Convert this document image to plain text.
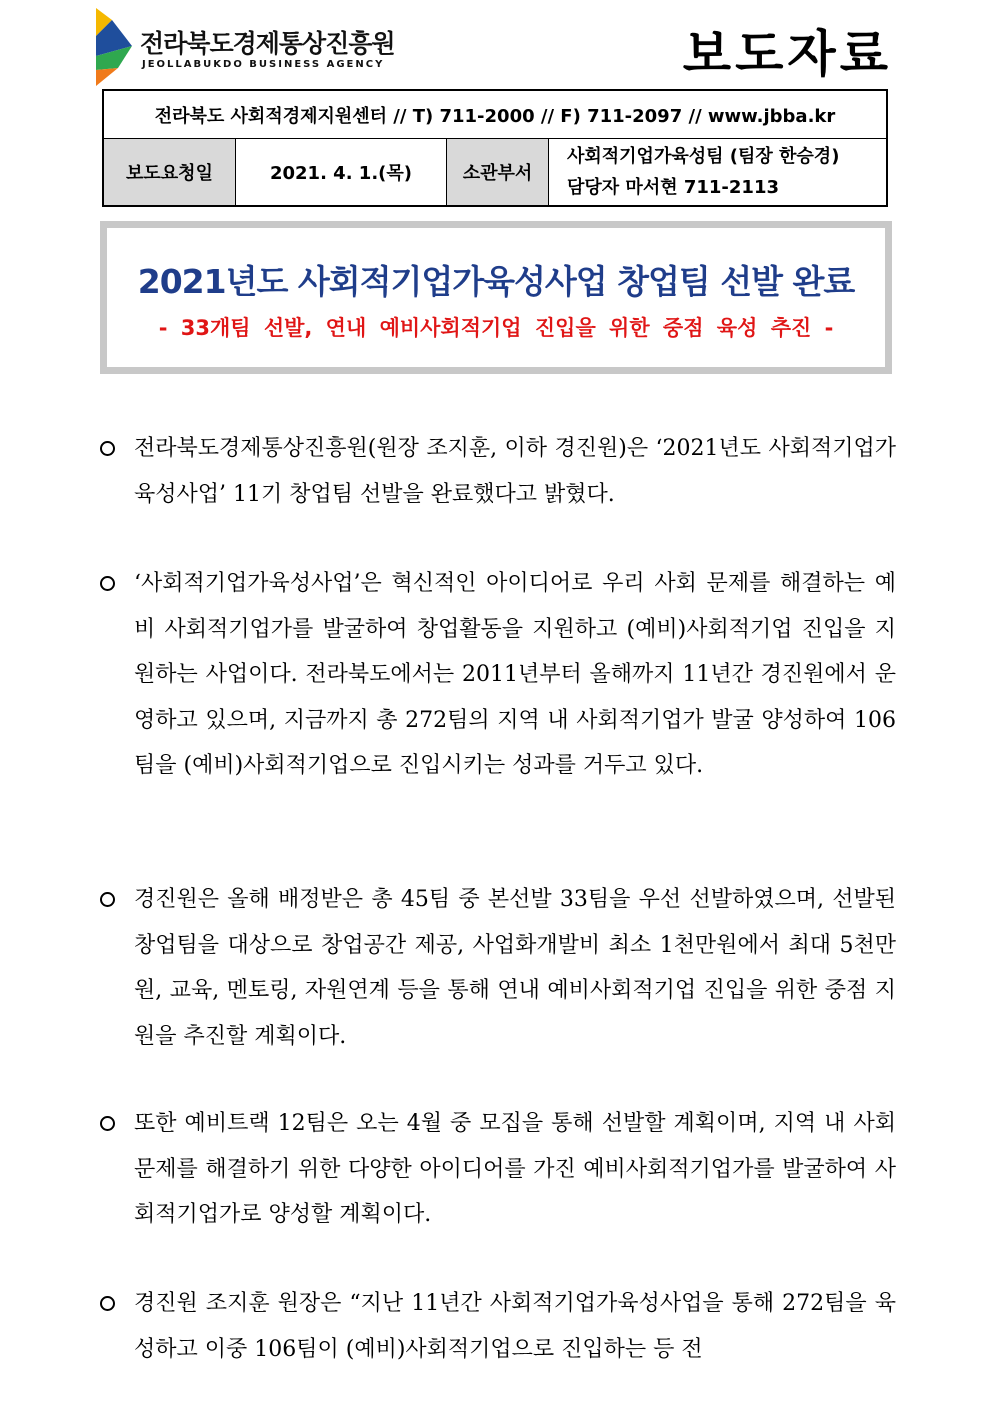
전라북도경제통상진흥원
JEOLLABUKDO BUSINESS AGENCY	보도자료
전라북도 사회적경제지원센터 // T) 711-2000 // F) 711-2097 // www.jbba.kr
보도요청일	2021. 4. 1.(목)	소관부서
사회적기업가육성팀 (팀장 한승경)
담당자 마서현 711-2113
2021년도 사회적기업가육성사업 창업팀 선발 완료
- 33개팀 선발, 연내 예비사회적기업 진입을 위한 중점 육성 추진 -
전라북도경제통상진흥원(원장 조지훈, 이하 경진원)은 ‘2021년도 사회적기업가육성사업’ 11기 창업팀 선발을 완료했다고 밝혔다.
‘사회적기업가육성사업’은 혁신적인 아이디어로 우리 사회 문제를 해결하는 예비 사회적기업가를 발굴하여 창업활동을 지원하고 (예비)사회적기업 진입을 지원하는 사업이다. 전라북도에서는 2011년부터 올해까지 11년간 경진원에서 운영하고 있으며, 지금까지 총 272팀의 지역 내 사회적기업가 발굴 양성하여 106팀을 (예비)사회적기업으로 진입시키는 성과를 거두고 있다.
경진원은 올해 배정받은 총 45팀 중 본선발 33팀을 우선 선발하였으며, 선발된 창업팀을 대상으로 창업공간 제공, 사업화개발비 최소 1천만원에서 최대 5천만원, 교육, 멘토링, 자원연계 등을 통해 연내 예비사회적기업 진입을 위한 중점 지원을 추진할 계획이다.
또한 예비트랙 12팀은 오는 4월 중 모집을 통해 선발할 계획이며, 지역 내 사회문제를 해결하기 위한 다양한 아이디어를 가진 예비사회적기업가를 발굴하여 사회적기업가로 양성할 계획이다.
경진원 조지훈 원장은 “지난 11년간 사회적기업가육성사업을 통해 272팀을 육성하고 이중 106팀이 (예비)사회적기업으로 진입하는 등 전
